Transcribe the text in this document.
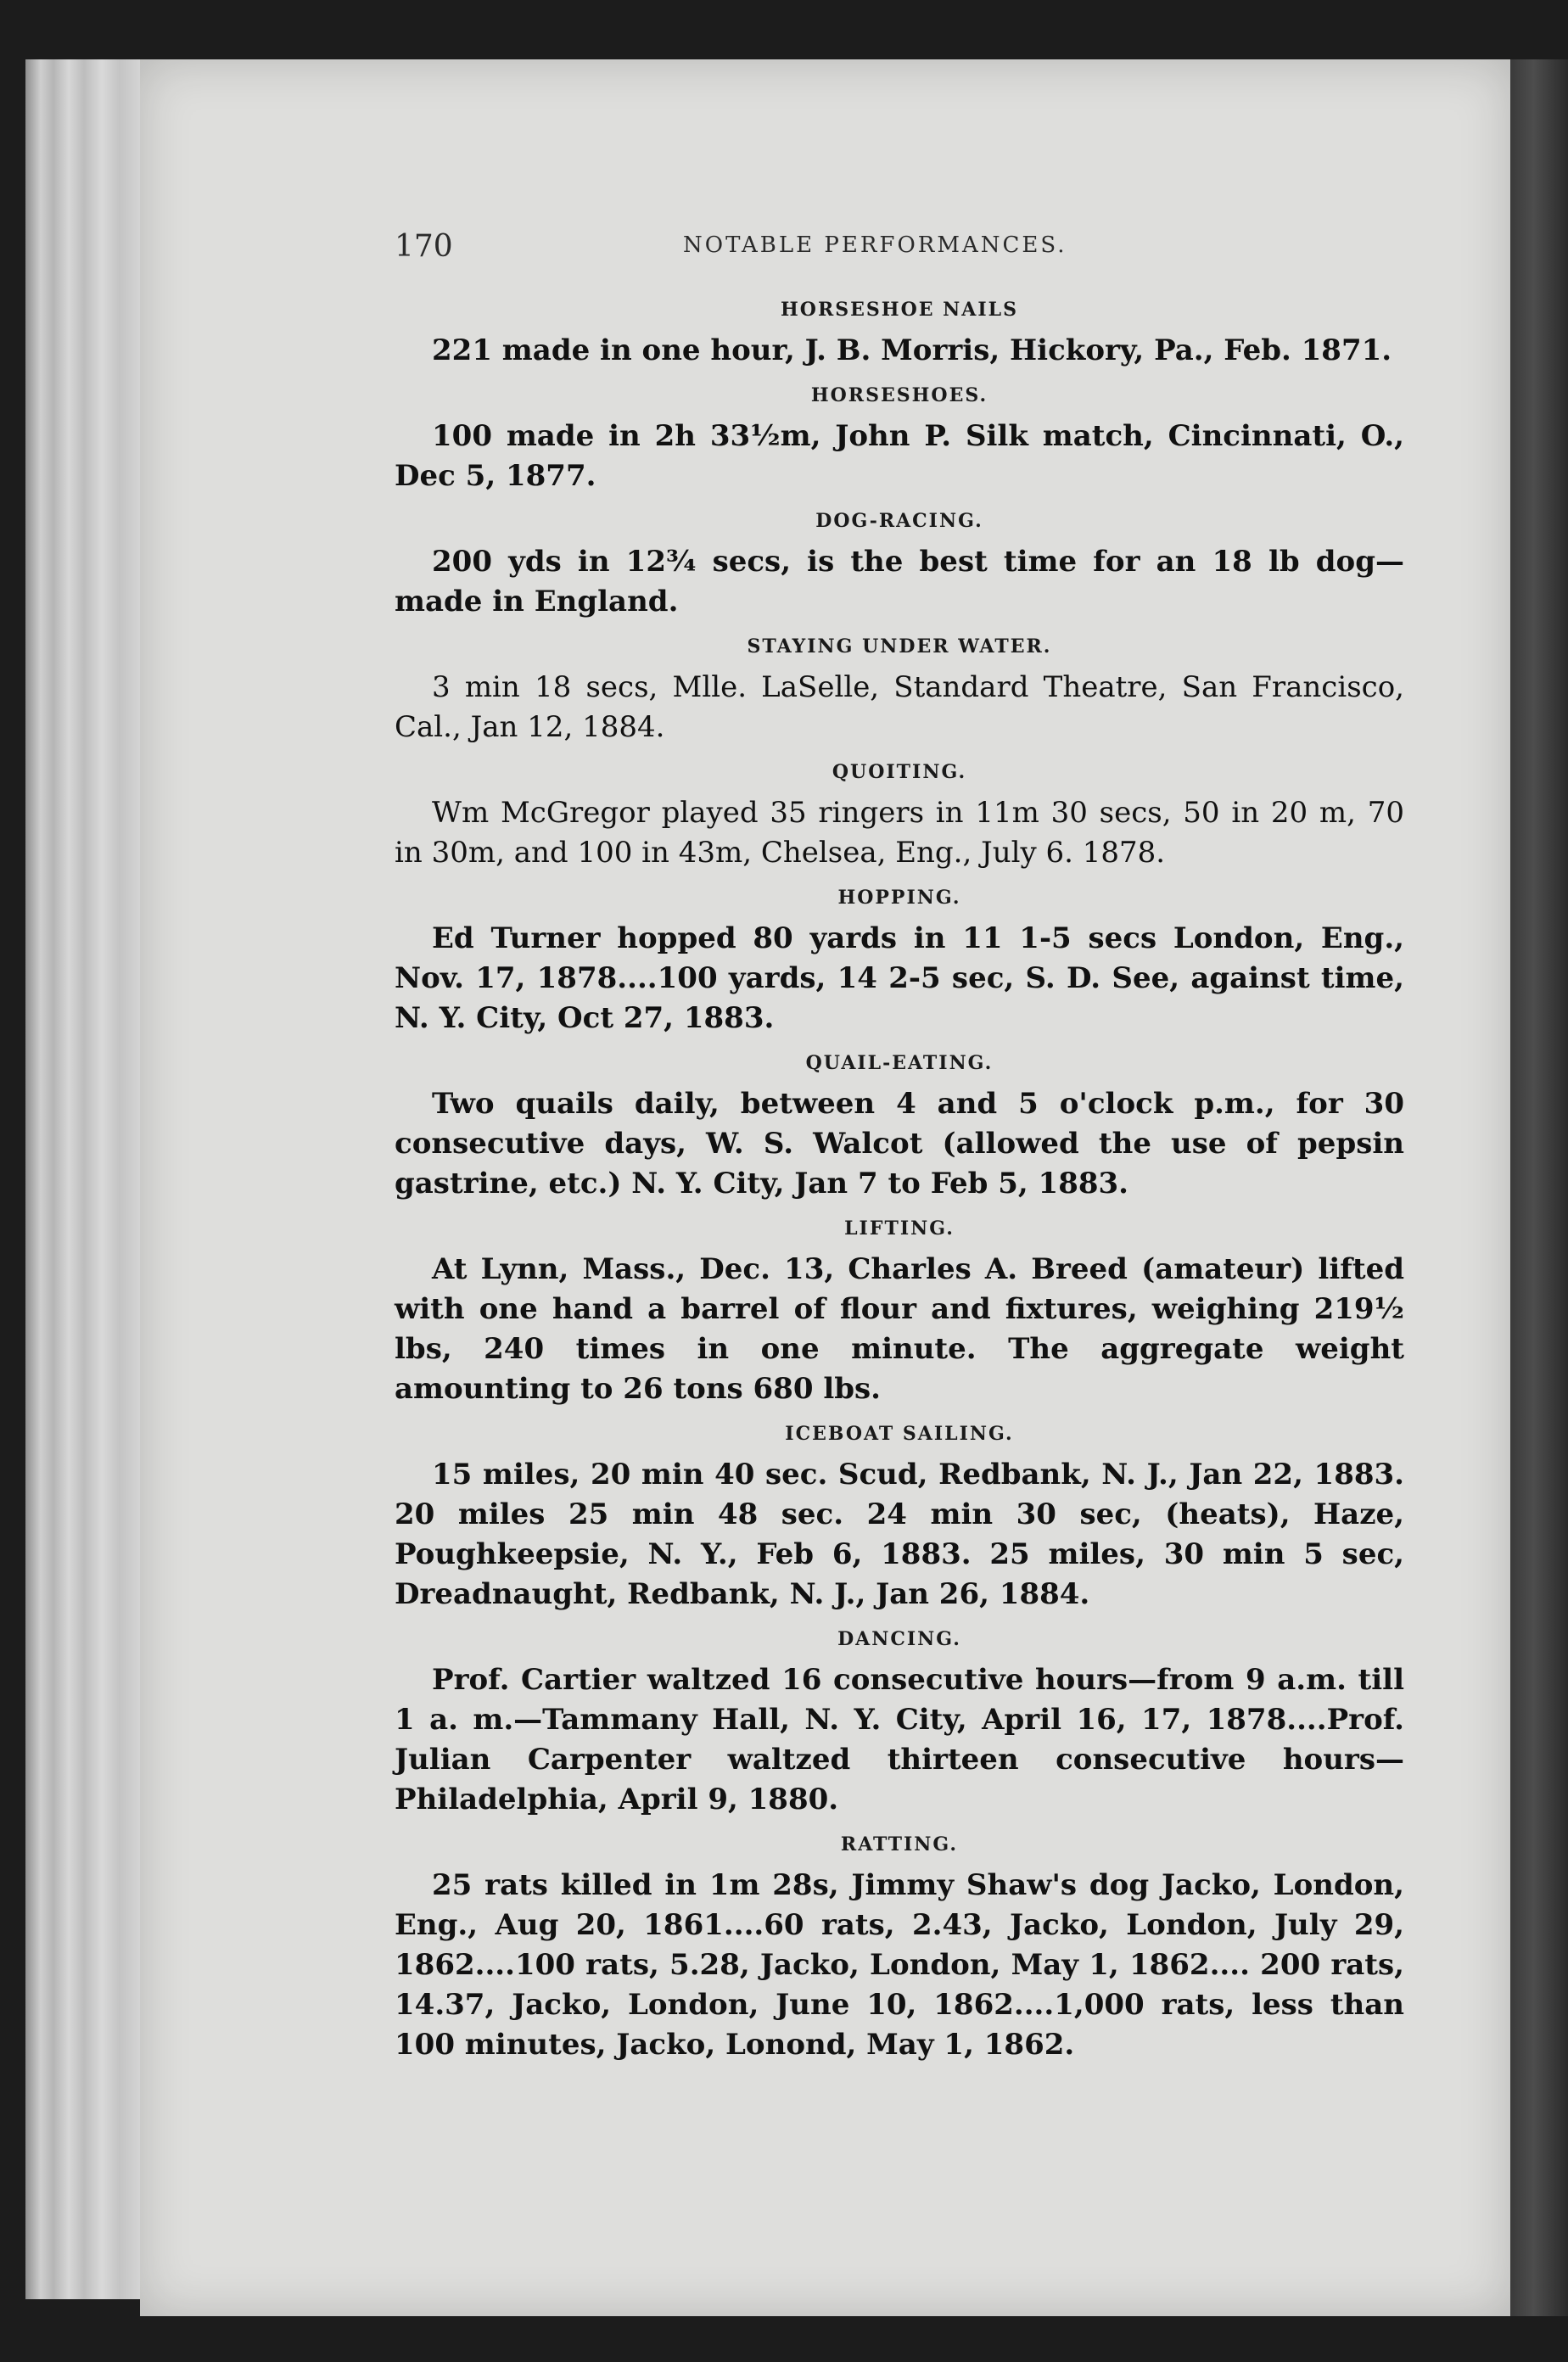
170	NOTABLE PERFORMANCES.
HORSESHOE NAILS

221 made in one hour, J. B. Morris, Hickory, Pa., Feb. 1871.

HORSESHOES.

100 made in 2h 33½m, John P. Silk match, Cincinnati, O., Dec 5, 1877.

DOG-RACING.

200 yds in 12¾ secs, is the best time for an 18 lb dog—made in England.

STAYING UNDER WATER.

3 min 18 secs, Mlle. LaSelle, Standard Theatre, San Francisco, Cal., Jan 12, 1884.

QUOITING.

Wm McGregor played 35 ringers in 11m 30 secs, 50 in 20 m, 70 in 30m, and 100 in 43m, Chelsea, Eng., July 6. 1878.

HOPPING.

Ed Turner hopped 80 yards in 11 1-5 secs London, Eng., Nov. 17, 1878....100 yards, 14 2-5 sec, S. D. See, against time, N. Y. City, Oct 27, 1883.

QUAIL-EATING.

Two quails daily, between 4 and 5 o'clock p.m., for 30 consecutive days, W. S. Walcot (allowed the use of pepsin gastrine, etc.) N. Y. City, Jan 7 to Feb 5, 1883.

LIFTING.

At Lynn, Mass., Dec. 13, Charles A. Breed (amateur) lifted with one hand a barrel of flour and fixtures, weighing 219½ lbs, 240 times in one minute. The aggregate weight amounting to 26 tons 680 lbs.

ICEBOAT SAILING.

15 miles, 20 min 40 sec. Scud, Redbank, N. J., Jan 22, 1883. 20 miles 25 min 48 sec. 24 min 30 sec, (heats), Haze, Poughkeepsie, N. Y., Feb 6, 1883. 25 miles, 30 min 5 sec, Dreadnaught, Redbank, N. J., Jan 26, 1884.

DANCING.

Prof. Cartier waltzed 16 consecutive hours—from 9 a.m. till 1 a. m.—Tammany Hall, N. Y. City, April 16, 17, 1878....Prof. Julian Carpenter waltzed thirteen consecutive hours—Philadelphia, April 9, 1880.

RATTING.

25 rats killed in 1m 28s, Jimmy Shaw's dog Jacko, London, Eng., Aug 20, 1861....60 rats, 2.43, Jacko, London, July 29, 1862....100 rats, 5.28, Jacko, London, May 1, 1862.... 200 rats, 14.37, Jacko, London, June 10, 1862....1,000 rats, less than 100 minutes, Jacko, Lonond, May 1, 1862.
